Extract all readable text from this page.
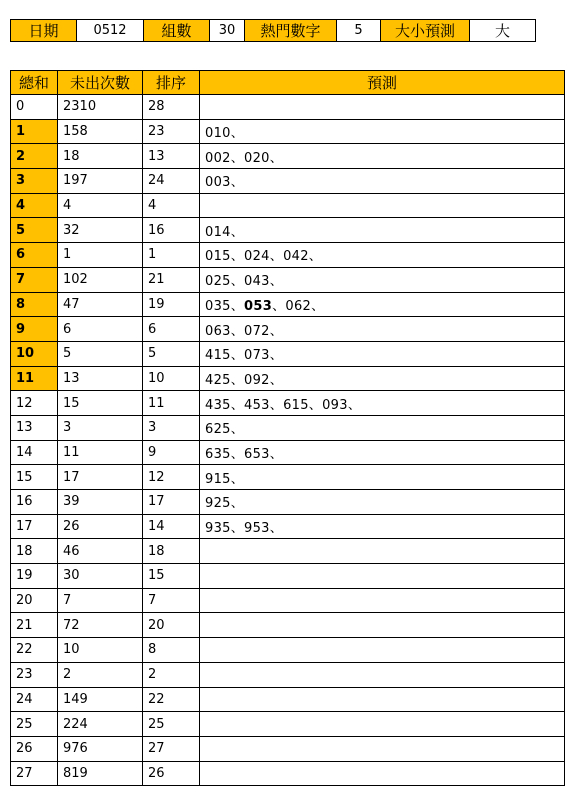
日期	0512	組數	30	熱門數字	5	大小預測	大
總和	未出次數	排序	預測
0	2310	28	
1	158	23	010、
2	18	13	002、020、
3	197	24	003、
4	4	4	
5	32	16	014、
6	1	1	015、024、042、
7	102	21	025、043、
8	47	19	035、053、062、
9	6	6	063、072、
10	5	5	415、073、
11	13	10	425、092、
12	15	11	435、453、615、093、
13	3	3	625、
14	11	9	635、653、
15	17	12	915、
16	39	17	925、
17	26	14	935、953、
18	46	18	
19	30	15	
20	7	7	
21	72	20	
22	10	8	
23	2	2	
24	149	22	
25	224	25	
26	976	27	
27	819	26	
